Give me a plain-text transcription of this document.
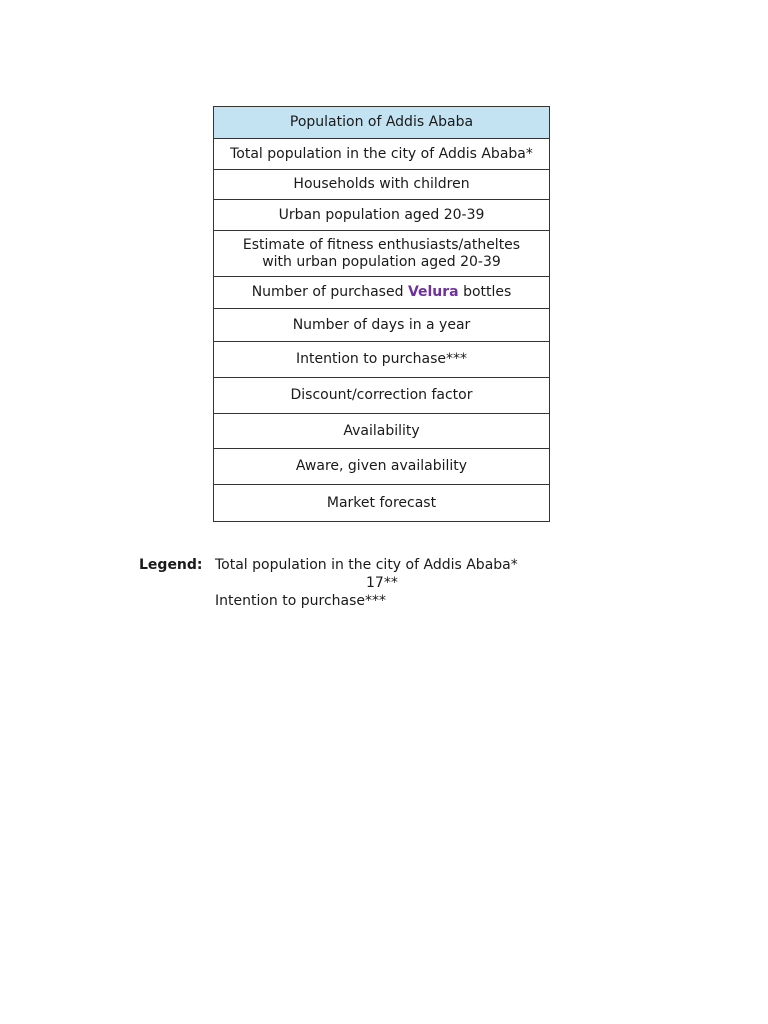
Population of Addis Ababa
Total population in the city of Addis Ababa*
Households with children
Urban population aged 20-39
Estimate of fitness enthusiasts/atheltes
with urban population aged 20-39
Number of purchased Velura bottles
Number of days in a year
Intention to purchase***
Discount/correction factor
Availability
Aware, given availability
Market forecast
Legend: Total population in the city of Addis Ababa*
17**
Intention to purchase***
